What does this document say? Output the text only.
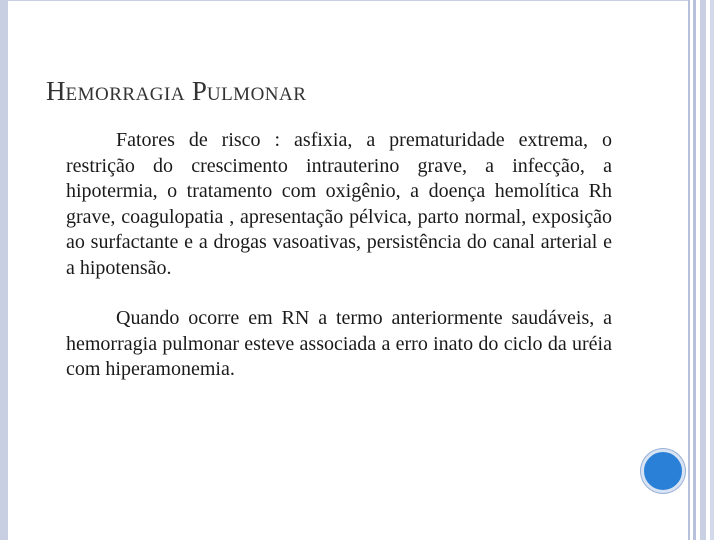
HEMORRAGIA PULMONAR

Fatores de risco : asfixia, a prematuridade extrema, o restrição do crescimento intrauterino grave, a infecção, a hipotermia, o tratamento com oxigênio, a doença hemolítica Rh grave, coagulopatia , apresentação pélvica, parto normal, exposição ao surfactante e a drogas vasoativas, persistência do canal arterial e a hipotensão.

Quando ocorre em RN a termo anteriormente saudáveis, a hemorragia pulmonar esteve associada a erro inato do ciclo da uréia com hiperamonemia.
